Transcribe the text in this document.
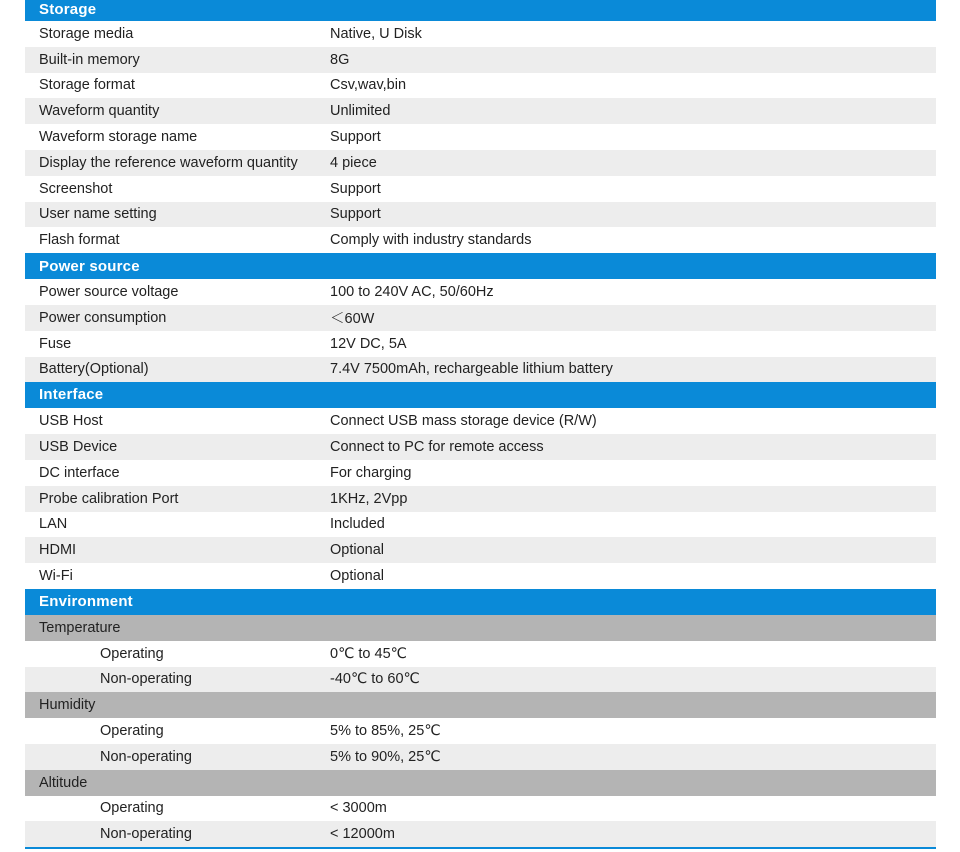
Storage
Storage media	Native, U Disk
Built-in memory	8G
Storage format	Csv,wav,bin
Waveform quantity	Unlimited
Waveform storage name	Support
Display the reference waveform quantity	4 piece
Screenshot	Support
User name setting	Support
Flash format	Comply with industry standards
Power source
Power source voltage	100 to 240V AC, 50/60Hz
Power consumption	＜60W
Fuse	12V DC, 5A
Battery(Optional)	7.4V 7500mAh, rechargeable lithium battery
Interface
USB Host	Connect USB mass storage device (R/W)
USB Device	Connect to PC for remote access
DC interface	For charging
Probe calibration Port	1KHz, 2Vpp
LAN	Included
HDMI	Optional
Wi-Fi	Optional
Environment
Temperature
Operating	0℃ to 45℃
Non-operating	-40℃ to 60℃
Humidity
Operating	5% to 85%, 25℃
Non-operating	5% to 90%, 25℃
Altitude
Operating	< 3000m
Non-operating	< 12000m
